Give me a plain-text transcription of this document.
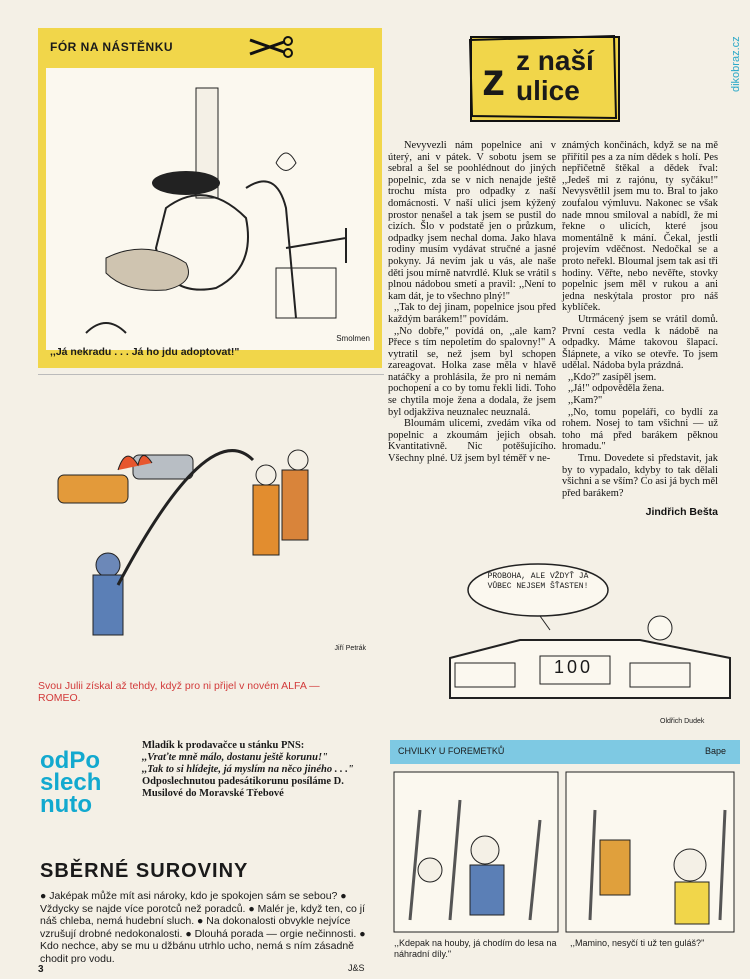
dikobraz.cz
FÓR NA NÁSTĚNKU
Smolmen
,,Já nekradu . . . Já ho jdu adoptovat!"
Jiří Petrák
Svou Julii získal až tehdy, když pro ni přijel v novém ALFA — ROMEO.
z z naší
ulice

Nevyvezli nám popelnice ani v úterý, ani v pátek. V sobotu jsem se sebral a šel se poohlédnout do jiných popelnic, zda se v nich nenajde ještě trochu místa pro odpadky z naší domácnosti. V naší ulici jsem kýžený prostor nenašel a tak jsem se pustil do cizích. Šlo v podstatě jen o průzkum, odpadky jsem nechal doma. Jako hlava rodiny musím vydávat stručné a jasné pokyny. Já nevím jak u vás, ale naše děti jsou mírně natvrdlé. Kluk se vrátil s plnou nádobou smetí a pravil: ,,Není to kam dát, je to všechno plný!"

,,Tak to dej jinam, popelnice jsou před každým barákem!" povídám.

,,No dobře," povídá on, ,,ale kam? Přece s tím nepoletím do spalovny!" A vytratil se, než jsem byl schopen zareagovat. Holka zase měla v hlavě natáčky a prohlásila, že pro ni nemám pochopení a co by tomu řekli lidi. Toho se chytila moje žena a dodala, že jsem byl odjakživa neuznalec neuznalá.

Bloumám ulicemi, zvedám víka od popelnic a zkoumám jejich obsah. Kvantitativně. Nic potěšujícího. Všechny plné. Už jsem byl téměř v ne-

známých končinách, když se na mě přiřítil pes a za ním dědek s holí. Pes nepřičetně štěkal a dědek řval: ,,Jedeš mi z rajónu, ty syčáku!" Nevysvětlil jsem mu to. Bral to jako zoufalou výmluvu. Nakonec se však nade mnou smiloval a nabídl, že mi řekne o ulicích, které jsou momentálně k mání. Čekal, jestli projevím vděčnost. Nedočkal se a proto neřekl. Bloumal jsem tak asi tři hodiny. Věřte, nebo nevěřte, stovky popelnic jsem měl v rukou a ani jedna neskýtala prostor pro náš kyblíček.

Utrmácený jsem se vrátil domů. První cesta vedla k nádobě na odpadky. Máme takovou šlapací. Šlápnete, a víko se otevře. To jsem udělal. Nádoba byla prázdná.

,,Kdo?" zasípěl jsem.

,,Já!" odpověděla žena.

,,Kam?"

,,No, tomu popeláři, co bydlí za rohem. Nosej to tam všichni — už toho má před barákem pěknou hromadu."

Trnu. Dovedete si představit, jak by to vypadalo, kdyby to tak dělali všichni a se vším? Co asi já bych měl před barákem?

Jindřich Bešta
PROBOHA, ALE VŽDYŤ JÁ VŮBEC NEJSEM ŠŤASTEN!
100
Oldřich Dudek
odPo
slech
nuto
Mladík k prodavačce u stánku PNS:
,,Vraťte mně málo, dostanu ještě korunu!"
,,Tak to si hlídejte, já myslím na něco jiného . . ."
Odposlechnutou padesátikorunu posíláme D. Musilové do Moravské Třebové
SBĚRNÉ SUROVINY
● Jaképak může mít asi nároky, kdo je spokojen sám se sebou? ● Vždycky se najde více porotců než poradců. ● Malér je, když ten, co jí náš chleba, nemá hudební sluch. ● Na dokonalosti obvykle nejvíce vzrušují drobné nedokonalosti. ● Dlouhá porada — orgie nečinnosti. ● Kdo nechce, aby se mu u džbánu utrhlo ucho, nemá s ním zásadně chodit pro vodu.
J&S
3
CHVILKY U FOREMETKŮ	Bape
,,Kdepak na houby, já chodím do lesa na náhradní díly."
,,Mamino, nesyčí ti už ten guláš?"
